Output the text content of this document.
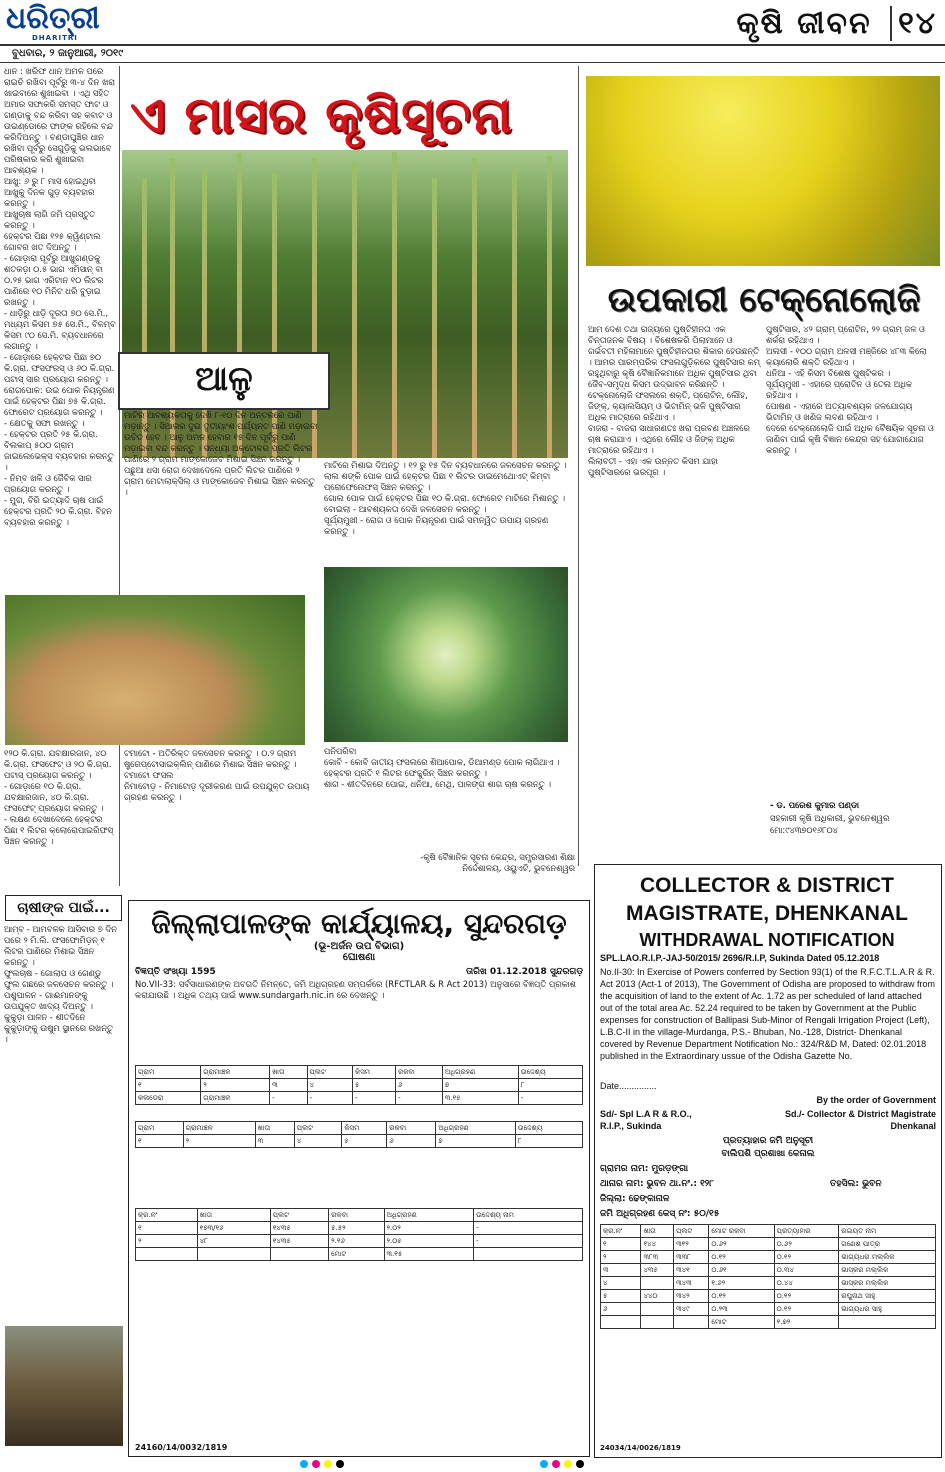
ଧରିତ୍ରୀ
DHARITRI
ବୁଧବାର, ୨ ଜାନୁଆରୀ, ୨୦୧୯
କୃଷି ଜୀବନ ୧୪
ଏ ମାସର କୃଷିସୂଚନା
ଧାନ : ଖରିଫ ଧାନ ଅମଳ ପରେ ରାଇଚି ରଖିବା ପୂର୍ବରୁ ୩-୪ ଦିନ ଖରା ଖାଇବାରେ ଶୁଖାଇବା । ଏଥି ସହିତ ଅମାର ସଫାକରି ସମସ୍ତ ଫାଟ ଓ ଗଣ୍ଡାକୁ ବନ୍ଦ କରିବା ସହ କବାଟ ଓ ଉଇଣ୍ଡୋରେ ଫାଙ୍କ ରହିଲେ ବନ୍ଦ କରିଦିଅନ୍ତୁ । ବଣ୍ଡାଘୁଞ୍ଚିର ଧାନ ରଖିବା ପୂର୍ବରୁ ସେଗୁଡ଼ିକୁ ଭଲଭାବେ ପରିଷ୍କାର କରି ଶୁଖାଇବା ଆବଶ୍ୟକ ।
ଆଖୁ: ୬ ରୁ ୮ ମାସ ହୋଇଥିବା ଆଖୁକୁ ଦିନକ ଗୁଡ଼ ବ୍ୟବହାର କରନ୍ତୁ ।
ଆଖୁଚାଷ ଲାଗି ଜମି ପ୍ରସ୍ତୁତ କରନ୍ତୁ ।
ହେକ୍ଟର ପିଛା ୧୨୫ କ୍ୱିଣ୍ଟାଲ ଗୋବର ଖତ ଦିଅନ୍ତୁ ।
- ଗୋଡ଼ାରା ପୂର୍ବରୁ ଆଖୁଗଣ୍ଡକୁ ଶତକଡ଼ା ୦.୫ ଭାଗ ଏମିସାନ୍ ବା ୦.୨୫ ଭାଗ ଏରିଟାନ ୧୦ ଲିଟର ପାଣିରେ ୧୦ ମିନିଟ ଧରି ବୁଡ଼ାଇ ରଖନ୍ତୁ ।
- ଧାଡ଼ିରୁ ଧାଡ଼ି ଦୂରତା ୭୦ ସେ.ମି., ମଧ୍ୟମ କିସମ ୭୫ ସେ.ମି., ବିଳମ୍ବ କିସମ ୯୦ ସେ.ମି. ବ୍ୟବଧାନରେ ଲଗାନ୍ତୁ ।
- ଗୋଡ଼ାରେ ହେକ୍ଟର ପିଛା ୭୦ କି.ଗ୍ରା. ଫସଫରସ୍ ଓ ୬୦ କି.ଗ୍ରା. ପଟାସ୍ ସାର ପ୍ରୟୋଗ କରନ୍ତୁ ।
ରୋଗପୋକ: ଉଇ ପୋକ ନିୟନ୍ତ୍ରଣ ପାଇଁ ହେକ୍ଟର ପିଛା ୭୫ କି.ଗ୍ରା. ଫୋରେଟ ପ୍ରୟୋଗ କରନ୍ତୁ ।
- କ୍ଷେତକୁ ସଫା ରଖନ୍ତୁ ।
- ହେକ୍ଟର ପ୍ରତି ୨୫ କି.ଗ୍ରା. ବିଲକାପ୍ ୫୦୦ ଗ୍ରାମ ଜାଇଲେଭେକ୍ସ ବ୍ୟବହାର କରନ୍ତୁ ।
- ନିମ୍ବ ଖଳି ଓ ଜୈବିକ ସାର ପ୍ରୟୋଗ କରନ୍ତୁ ।
- ମୁଗ, ବିରି ଇତ୍ୟାଦି ଚାଷ ପାଇଁ ହେକ୍ଟର ପ୍ରତି ୨୦ କି.ଗ୍ରା. ବିହନ ବ୍ୟବହାର କରନ୍ତୁ ।
ଆଳୁ
ମାଟିର ଆବଶ୍ୟକତାକୁ ଦେଖି ୮-୧୦ ଦିନ ଅନ୍ତରରେ ପାଣି ମଡ଼ାନ୍ତୁ । ସିଆରର ଦୁଇ ତୃତୀୟାଂଶ ପର୍ଯ୍ୟନ୍ତ ପାଣି ମଡ଼ାଇବା ଉଚିତ ହେବ । ଆଳୁ ଅମଳ ହେବାର ୧୫ ଦିନ ପୂର୍ବରୁ ପାଣି ମଡ଼ାଇବା ବନ୍ଦ କରନ୍ତୁ । ସନ୍ଧ୍ୟା ଅକ୍ଟୋବର ପ୍ରତି ଲିଟର ପାଣିରେ ୨ ଗ୍ରାମ ମାଙ୍କୋଜେବ ମିଶାଇ ସିଞ୍ଚନ କରନ୍ତୁ । ପଛୁଆ ଧସା ରୋଗ ଦେଖାଦେଲେ ପ୍ରତି ଲିଟର ପାଣିରେ ୨ ଗ୍ରାମ ମେଟାଲାକ୍ସିଲ୍ ଓ ମାଙ୍କୋଜେବ ମିଶାଇ ସିଞ୍ଚନ କରନ୍ତୁ ।
ମାଟିରେ ମିଶାଇ ଦିଅନ୍ତୁ । ୧୨ ରୁ ୧୫ ଦିନ ବ୍ୟବଧାନରେ ଜଳସେଚନ କରନ୍ତୁ ।
ଲାଲ ଶଙ୍କି ପୋକ ପାଇଁ ହେକ୍ଟର ପିଛା ୧ ଲିଟର ଡାଇମେଥୋଏଟ୍ କିମ୍ବା ପ୍ରୋଫେନୋଫସ୍ ସିଞ୍ଚନ କରନ୍ତୁ ।
ଗୋଲ ପୋକ ପାଇଁ ହେକ୍ଟର ପିଛା ୧୦ କି.ଗ୍ରା. ଫୋରେଟ ମାଟିରେ ମିଶାନ୍ତୁ ।
ବୋଇଲା - ଆବଶ୍ୟକତା ଦେଖି ଜଳସେଚନ କରନ୍ତୁ ।
ସୂର୍ଯ୍ୟମୁଖୀ - ରୋଗ ଓ ପୋକ ନିୟନ୍ତ୍ରଣ ପାଇଁ ସମନ୍ୱିତ ଉପାୟ ଗ୍ରହଣ କରନ୍ତୁ ।
ଉପକାରୀ ଟେକ୍ନୋଲୋଜି
ଆମ ଦେଶ ତଥା ରାଜ୍ୟରେ ପୁଷ୍ଟିହୀନତା ଏକ ଚିନ୍ତାଜନକ ବିଷୟ । ବିଶେଷକରି ପିଲାମାନେ ଓ ଗର୍ଭବତୀ ମହିଳାମାନେ ପୁଷ୍ଟିହୀନତାର ଶିକାର ହେଉଛନ୍ତି । ଆମର ପାରମ୍ପରିକ ଫସଲଗୁଡ଼ିକରେ ପୁଷ୍ଟିସାର କମ୍ ରହୁଥିବାରୁ କୃଷି ବୈଜ୍ଞାନିକମାନେ ଅଧିକ ପୁଷ୍ଟିସାର ଥିବା ଜୈବ-ସମୃଦ୍ଧ କିସମ ଉଦ୍ଭାବନ କରିଛନ୍ତି ।
ଟେକ୍ନୋଲୋଜି ଫସଲରେ ଶକ୍ତି, ପ୍ରୋଟିନ, ଲୌହ, ଜିଙ୍କ୍, କ୍ୟାଲସିୟମ୍ ଓ ଭିଟାମିନ୍ ଭଳି ପୁଷ୍ଟିସାର ଅଧିକ ମାତ୍ରାରେ ରହିଥାଏ ।
ବାଜରା - ବାଜରା ସାଧାରଣତଃ ଖରା ପ୍ରବଣ ଅଞ୍ଚଳରେ ଚାଷ କରାଯାଏ । ଏଥିରେ ଲୌହ ଓ ଜିଙ୍କ୍ ଅଧିକ ମାତ୍ରାରେ ରହିଥାଏ ।
ଲିଲାବତୀ - ଏହା ଏକ ଉନ୍ନତ କିସମ ଯାହା ପୁଷ୍ଟିସାରରେ ଭରପୂର ।
ପୁଷ୍ଟିସାର, ୪୨ ଗ୍ରାମ୍ ପ୍ରୋଟିନ, ୨୨ ଗ୍ରାମ୍ ଜଳ ଓ ଶର୍କରା ରହିଥାଏ ।
ଅଲସୀ - ୧୦୦ ଗ୍ରାମ ଅଳସୀ ମଞ୍ଜିରେ ୪୮୩ କିଲୋ କ୍ୟାଲୋରି ଶକ୍ତି ରହିଥାଏ ।
ଧନିଆ - ଏହି କିସମ ବିଶେଷ ପୁଷ୍ଟିକର ।
ସୂର୍ଯ୍ୟମୁଖୀ - ଏହାରେ ପ୍ରୋଟିନ ଓ ତେଲ ଅଧିକ ରହିଥାଏ ।
ପୋଷଣ - ଏହାରେ ଅତ୍ୟାବଶ୍ୟକ ଜଳଯୋଗ୍ୟ ଭିଟାମିନ୍ ଓ ଖଣିଜ ଲବଣ ରହିଥାଏ ।
ଦେରେ ଟେକ୍ନୋଲୋଜି ପାଇଁ ଅଧିକ ବୈଷୟିକ ସୂଚନା ଓ ଜାଣିବା ପାଇଁ କୃଷି ବିଜ୍ଞାନ କେନ୍ଦ୍ର ସହ ଯୋଗାଯୋଗ କରନ୍ତୁ ।
- ଡ. ପରେଶ କୁମାର ପଣ୍ଡା
ସହକାରୀ କୃଷି ଅଧିକାରୀ, ଭୁବନେଶ୍ୱର
ମୋ:୯୪୩୭୦୧୬୮୦୪
୧୨୦ କି.ଗ୍ରା. ଯବକ୍ଷାରଜାନ, ୪୦ କି.ଗ୍ରା. ଫସଫେଟ୍ ଓ ୨୦ କି.ଗ୍ରା. ପଟାସ୍ ପ୍ରୟୋଗ କରନ୍ତୁ ।
- ଗୋଡ଼ାରେ ୧୦ କି.ଗ୍ରା. ଯବକ୍ଷାରଜାନ, ୪୦ କି.ଗ୍ରା. ଫସଫେଟ୍ ପ୍ରୟୋଗ କରନ୍ତୁ ।
- ଲକ୍ଷଣ ଦେଖାଦେଲେ ହେକ୍ଟର ପିଛା ୧ ଲିଟର କ୍ଲୋରୋପାଇରିଫସ୍ ସିଞ୍ଚନ କରନ୍ତୁ ।
ଟମାଟୋ - ଅତିରିକ୍ତ ଜଳସେଚନ କରନ୍ତୁ । ୦.୨ ଗ୍ରାମ ଷ୍ଟ୍ରେପ୍ଟୋସାଇକ୍ଲିନ୍ ପାଣିରେ ମିଶାଇ ସିଞ୍ଚନ କରନ୍ତୁ ।
ଟମାଟୋ ଫସଲ
ନିମାଟୋଡ଼ - ନିମାଟୋଡ଼ ଦୂରୀକରଣ ପାଇଁ ଉପଯୁକ୍ତ ଉପାୟ ଗ୍ରହଣ କରନ୍ତୁ ।
ପନିପରିବା
କୋବି - କୋବି ଜାତୀୟ ଫସଲରେ ଶିଆପୋକ, ଡିଆମଣ୍ଡ ପୋକ ଲାଗିଥାଏ । ହେକ୍ଟର ପ୍ରତି ୧ ଲିଟର ଫେଚ୍ଚୁରିନ୍ ସିଞ୍ଚନ କରନ୍ତୁ ।
ଶାଗ - ଶୀତଦିନରେ ପୋଇ, ଧନିଆ, ମେଥି, ପାଳଙ୍ଗ ଶାଗ ଚାଷ କରନ୍ତୁ ।
-କୃଷି ବୈଜ୍ଞାନିକ ସୂଚନା କେନ୍ଦ୍ର, ସମ୍ପ୍ରସାରଣ ଶିକ୍ଷା ନିର୍ଦ୍ଦେଶାଳୟ, ଓୟୁଏଟି, ଭୁବନେଶ୍ୱର
ଚାଷୀଙ୍କ ପାଇଁ...
ଆମ୍ବ - ଆମବଳକ ଆସିବାର ୭ ଦିନ ପରେ ୨ ମି.ଲି. ଫସଫୋମିଡ଼ନ୍ ୧ ଲିଟର ପାଣିରେ ମିଶାଇ ସିଞ୍ଚନ କରନ୍ତୁ ।
ଫୁଲଚାଷ - ଗୋଲାପ ଓ ଗେଣ୍ଡୁ ଫୁଲ ଗଛରେ ଜଳସେଚନ କରନ୍ତୁ ।
ପଶୁପାଳନ - ଗାଈମାନଙ୍କୁ ଉପଯୁକ୍ତ ଖାଦ୍ୟ ଦିଅନ୍ତୁ ।
କୁକୁଡ଼ା ପାଳନ - ଶୀତଦିନେ କୁକୁଡ଼ାଙ୍କୁ ଉଷୁମ ସ୍ଥାନରେ ରଖନ୍ତୁ ।
ଜିଲ୍ଲାପାଳଙ୍କ କାର୍ଯ୍ୟାଳୟ, ସୁନ୍ଦରଗଡ଼
(ଭୂ-ଅର୍ଜନ ଉପ ବିଭାଗ)
ଘୋଷଣା
ବିଜ୍ଞପ୍ତି ସଂଖ୍ୟା 1595	ତାରିଖ 01.12.2018 ସୁନ୍ଦରଗଡ଼
No.VII-33: ସର୍ବସାଧାରଣଙ୍କ ଅବଗତି ନିମନ୍ତେ, ଜମି ଅଧିଗ୍ରହଣ ସମ୍ପର୍କରେ (RFCTLAR & R Act 2013) ଅନୁସାରେ ବିଜ୍ଞପ୍ତି ପ୍ରକାଶ କରାଯାଉଛି । ଅଧିକ ତଥ୍ୟ ପାଇଁ www.sundargarh.nic.in ରେ ଦେଖନ୍ତୁ ।
ଗ୍ରାମ	ଗ୍ରାମାଞ୍ଚଳ	ଖାତା	ପ୍ଲଟ	କିସମ	ରକବା	ଅଧିଗ୍ରହଣ	ଉଦ୍ଦେଶ୍ୟ
୧	୨	୩	୪	୫	୬	୭	୮
କଳାଡେରା	ଗ୍ରାମାଞ୍ଚଳ	-	-	-	-	୩.୧୫	-
ଗ୍ରାମ	ଗ୍ରାମାଞ୍ଚଳ	ଖାତା	ପ୍ଲଟ	କିସମ	ରକବା	ଅଧିଗ୍ରହଣ	ଉଦ୍ଦେଶ୍ୟ
୧	୨	୩	୪	୫	୬	୭	୮
କ୍ର.ନଂ	ଖାତା	ପ୍ଲଟ	ରକବା	ଅଧିଗ୍ରହଣ	ଉଦ୍ଦେଶ୍ୟ ନାମ
୧	୧୭୩/୧୬	୧୪୩୫	୫.୫୨	୨.୦୨	-
୨	୪୮	୧୪୩୫	୨.୧୬	୨.୦୫	-
			ମୋଟ	୩.୧୫	
24160/14/0032/1819
COLLECTOR & DISTRICT
MAGISTRATE, DHENKANAL
WITHDRAWAL NOTIFICATION
SPL.LAO.R.I.P.-JAJ-50/2015/ 2696/R.I.P, Sukinda Dated 05.12.2018
No.II-30: In Exercise of Powers conferred by Section 93(1) of the R.F.C.T.L.A.R & R. Act 2013 (Act-1 of 2013), The Government of Odisha are proposed to withdraw from the acquisition of land to the extent of Ac. 1.72 as per scheduled of land attached out of the total area Ac. 52.24 required to be taken by Government at the Public expenses for construction of Ballipasi Sub-Minor of Rengali Irrigation Project (Left), L.B.C-II in the village-Murdanga, P.S.- Bhuban, No.-128, District- Dhenkanal covered by Revenue Department Notification No.: 324/R&D M, Dated: 02.01.2018 published in the Extraordinary ussue of the Odisha Gazette No.
Date...............
By the order of Government
Sd/- Spl L.A R & R.O.,
R.I.P., Sukinda
Sd./- Collector & District Magistrate
Dhenkanal
ପ୍ରତ୍ୟାହାର ଜମି ଅନୁସୂଚୀ
ବାଲିପଶି ପ୍ରଶାଖା କେନାଲ
ଗ୍ରାମର ନାମ: ମୁରଡ଼ଙ୍ଗା
ଥାନାର ନାମ: ଭୁବନ ଥା.ନଂ.: ୧୨୮	ତହସିଲ: ଭୁବନ
ଜିଲ୍ଲା: ଢେଙ୍କାନାଳ
ଜମି ଅଧିଗ୍ରହଣ କେସ୍ ନଂ: ୫୦/୧୫
କ୍ର.ନଂ	ଖାତା	ପ୍ଲଟ	ମୋଟ ରକବା	ପ୍ରତ୍ୟାହାର	ରଇୟତ ନାମ
୧	୧୪୪	୩୧୨	୦.୬୨	୦.୬୨	ଗଣେଶ ପାତ୍ର
୨	୩୮୩	୩୩୮	୦.୧୨	୦.୧୨	ଭାଗ୍ୟଧର ମଲ୍ଲିକ
୩	୪୩୫	୩୪୧	୦.୬୧	୦.୩୪	ଭାସ୍କର ମଲ୍ଲିକ
୪		୩୪୩	୧.୬୨	୦.୪୪	ଭାସ୍କର ମଲ୍ଲିକ
୫	୪୪୦	୩୪୨	୦.୧୨	୦.୧୨	ରଘୁନାଥ ସାହୁ
୬		୩୪୯	୦.୨୩	୦.୧୨	ଭାଗ୍ୟଧର ସାହୁ
			ମୋଟ	୧.୭୨	
24034/14/0026/1819
